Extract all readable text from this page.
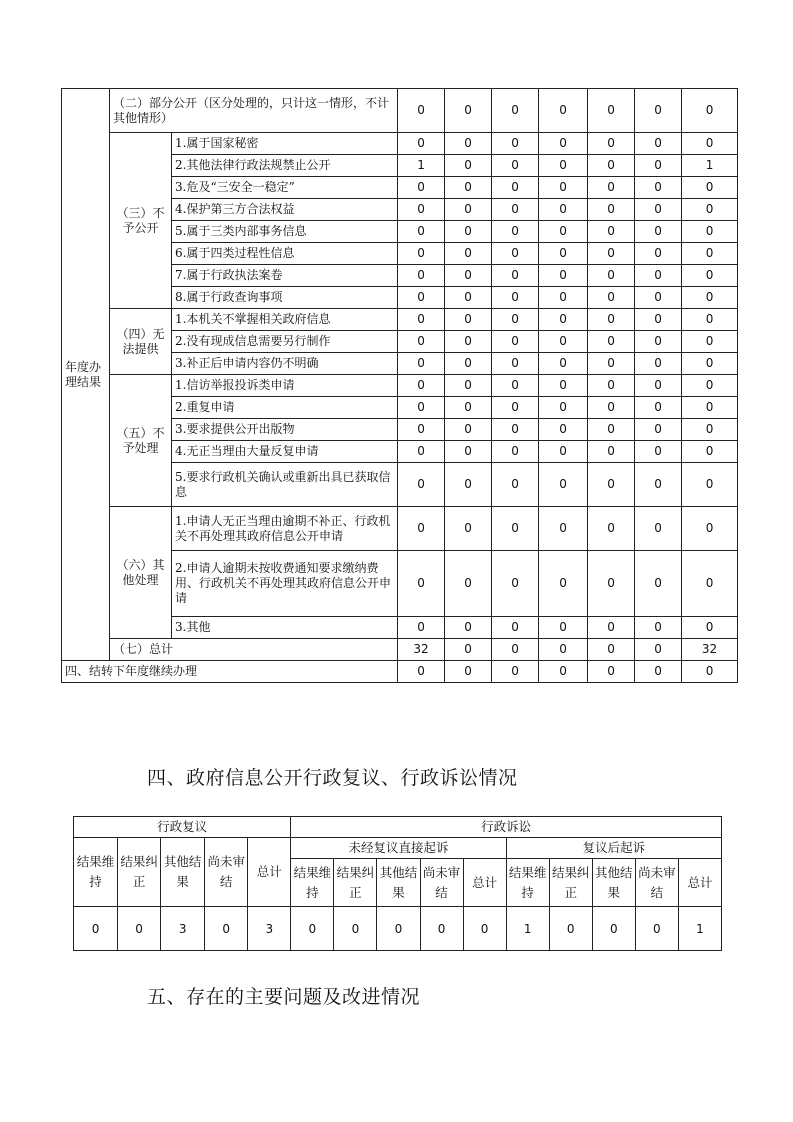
年度办理结果	（二）部分公开（区分处理的，只计这一情形，不计其他情形）		0	0	0	0	0	0	0
	（三）不予公开	1.属于国家秘密	0	0	0	0	0	0	0
		2.其他法律行政法规禁止公开	1	0	0	0	0	0	1
		3.危及“三安全一稳定”	0	0	0	0	0	0	0
		4.保护第三方合法权益	0	0	0	0	0	0	0
		5.属于三类内部事务信息	0	0	0	0	0	0	0
		6.属于四类过程性信息	0	0	0	0	0	0	0
		7.属于行政执法案卷	0	0	0	0	0	0	0
		8.属于行政查询事项	0	0	0	0	0	0	0
	（四）无法提供	1.本机关不掌握相关政府信息	0	0	0	0	0	0	0
		2.没有现成信息需要另行制作	0	0	0	0	0	0	0
		3.补正后申请内容仍不明确	0	0	0	0	0	0	0
	（五）不予处理	1.信访举报投诉类申请	0	0	0	0	0	0	0
		2.重复申请	0	0	0	0	0	0	0
		3.要求提供公开出版物	0	0	0	0	0	0	0
		4.无正当理由大量反复申请	0	0	0	0	0	0	0
		5.要求行政机关确认或重新出具已获取信息	0	0	0	0	0	0	0
	（六）其他处理	1.申请人无正当理由逾期不补正、行政机关不再处理其政府信息公开申请	0	0	0	0	0	0	0
		2.申请人逾期未按收费通知要求缴纳费用、行政机关不再处理其政府信息公开申请	0	0	0	0	0	0	0
		3.其他	0	0	0	0	0	0	0
	（七）总计		32	0	0	0	0	0	32
四、结转下年度继续办理			0	0	0	0	0	0	0
四、政府信息公开行政复议、行政诉讼情况
行政复议					行政诉讼									
结果维持	结果纠正	其他结果	尚未审结	总计	未经复议直接起诉					复议后起诉				
					结果维持	结果纠正	其他结果	尚未审结	总计	结果维持	结果纠正	其他结果	尚未审结	总计
0	0	3	0	3	0	0	0	0	0	1	0	0	0	1
五、存在的主要问题及改进情况
